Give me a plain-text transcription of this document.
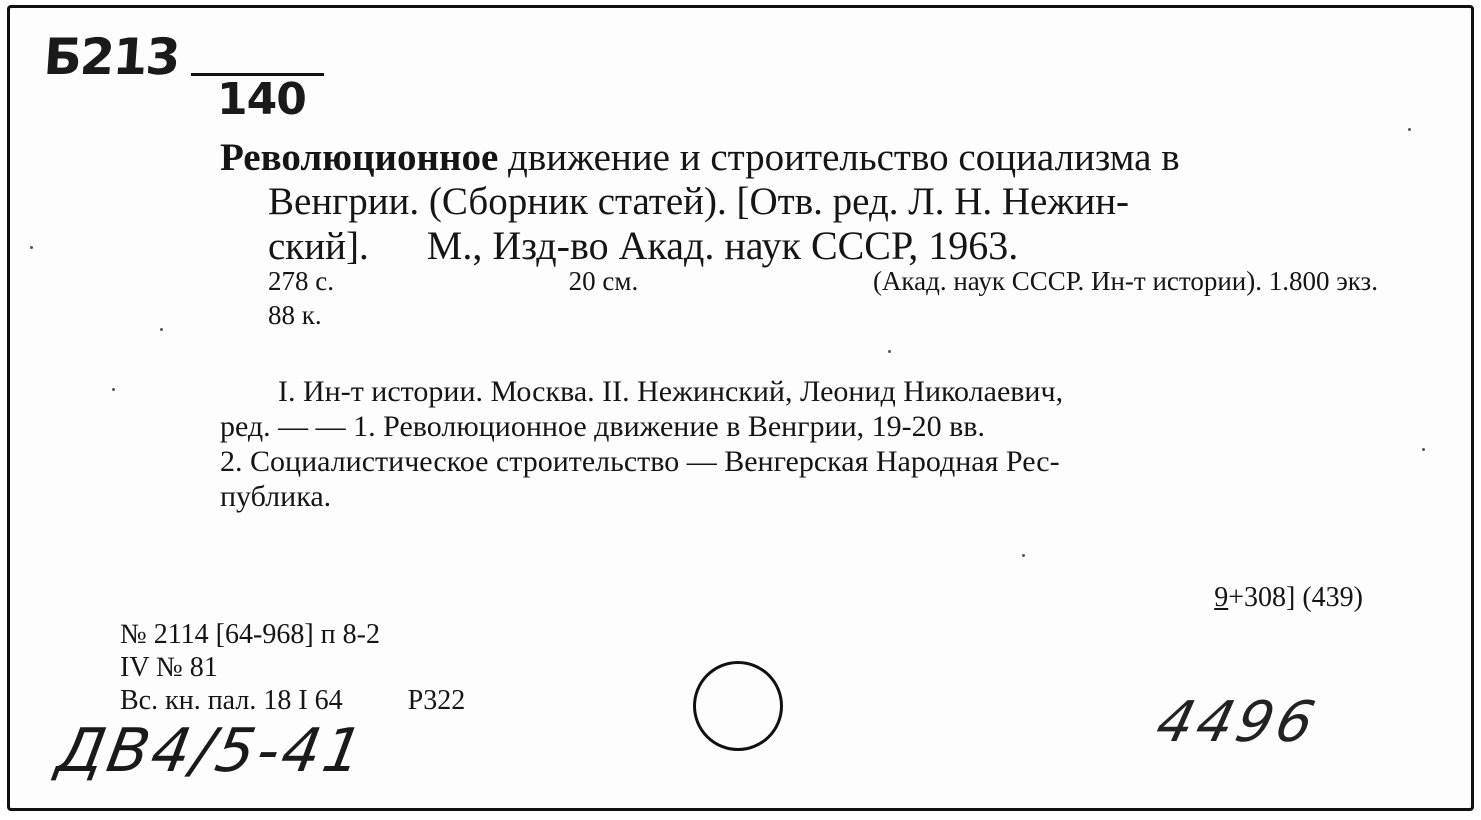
Б213
140
Революционное движение и строительство социализма в
Венгрии. (Сборник статей). [Отв. ред. Л. Н. Нежин-
ский]. М., Изд-во Акад. наук СССР, 1963.
278 с.	20 см.	(Акад. наук СССР. Ин-т истории). 1.800 экз.
88 к.
I. Ин-т истории. Москва. II. Нежинский, Леонид Николаевич,
ред. — — 1. Революционное движение в Венгрии, 19-20 вв.
2. Социалистическое строительство — Венгерская Народная Рес-
публика.
9+308] (439)
№ 2114 [64-968] п 8-2
IV № 81
Вс. кн. пал. 18 I 64 P322
ДВ4/5-41	4496
